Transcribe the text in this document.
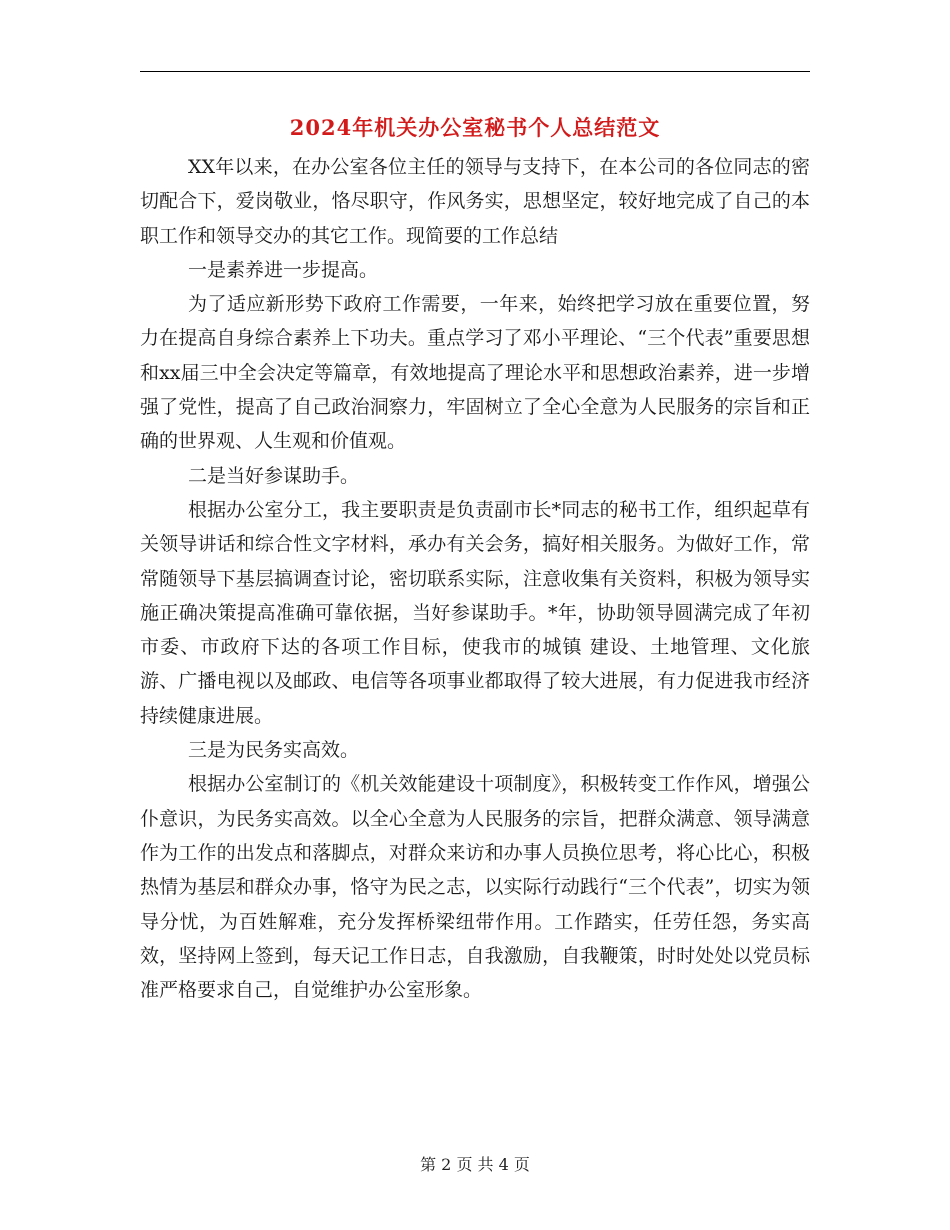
2024年机关办公室秘书个人总结范文

XX年以来，在办公室各位主任的领导与支持下，在本公司的各位同志的密切配合下，爱岗敬业，恪尽职守，作风务实，思想坚定，较好地完成了自己的本职工作和领导交办的其它工作。现简要的工作总结

一是素养进一步提高。

为了适应新形势下政府工作需要，一年来，始终把学习放在重要位置，努力在提高自身综合素养上下功夫。重点学习了邓小平理论、“三个代表”重要思想和xx届三中全会决定等篇章，有效地提高了理论水平和思想政治素养，进一步增强了党性，提高了自己政治洞察力，牢固树立了全心全意为人民服务的宗旨和正确的世界观、人生观和价值观。

二是当好参谋助手。

根据办公室分工，我主要职责是负责副市长*同志的秘书工作，组织起草有关领导讲话和综合性文字材料，承办有关会务，搞好相关服务。为做好工作，常常随领导下基层搞调查讨论，密切联系实际，注意收集有关资料，积极为领导实施正确决策提高准确可靠依据，当好参谋助手。*年，协助领导圆满完成了年初市委、市政府下达的各项工作目标，使我市的城镇 建设、土地管理、文化旅游、广播电视以及邮政、电信等各项事业都取得了较大进展，有力促进我市经济持续健康进展。

三是为民务实高效。

根据办公室制订的《机关效能建设十项制度》，积极转变工作作风，增强公仆意识，为民务实高效。以全心全意为人民服务的宗旨，把群众满意、领导满意作为工作的出发点和落脚点，对群众来访和办事人员换位思考，将心比心，积极热情为基层和群众办事，恪守为民之志，以实际行动践行“三个代表”，切实为领导分忧，为百姓解难，充分发挥桥梁纽带作用。工作踏实，任劳任怨，务实高效，坚持网上签到，每天记工作日志，自我激励，自我鞭策，时时处处以党员标准严格要求自己，自觉维护办公室形象。

第 2 页 共 4 页
